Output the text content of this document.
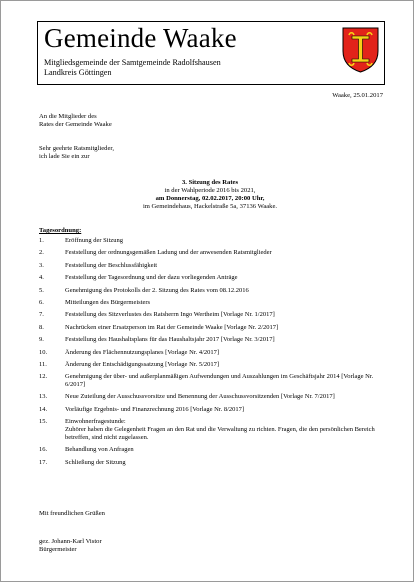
Gemeinde Waake
Mitgliedsgemeinde der Samtgemeinde Radolfshausen
Landkreis Göttingen
Waake, 25.01.2017
An die Mitglieder des
Rates der Gemeinde Waake
Sehr geehrte Ratsmitglieder,
ich lade Sie ein zur
3. Sitzung des Rates
in der Wahlperiode 2016 bis 2021,
am Donnerstag, 02.02.2017, 20:00 Uhr,
im Gemeindehaus, Hackelstraße 5a, 37136 Waake.
Tagesordnung:
1.	Eröffnung der Sitzung
2.	Feststellung der ordnungsgemäßen Ladung und der anwesenden Ratsmitglieder
3.	Feststellung der Beschlussfähigkeit
4.	Feststellung der Tagesordnung und der dazu vorliegenden Anträge
5.	Genehmigung des Protokolls der 2. Sitzung des Rates vom 08.12.2016
6.	Mitteilungen des Bürgermeisters
7.	Feststellung des Sitzverlustes des Ratsherrn Ingo Wertheim [Vorlage Nr. 1/2017]
8.	Nachrücken einer Ersatzperson im Rat der Gemeinde Waake [Vorlage Nr. 2/2017]
9.	Feststellung des Haushaltsplans für das Haushaltsjahr 2017 [Vorlage Nr. 3/2017]
10.	Änderung des Flächennutzungsplanes [Vorlage Nr. 4/2017]
11.	Änderung der Entschädigungssatzung [Vorlage Nr. 5/2017]
12.	Genehmigung der über- und außerplanmäßigen Aufwendungen und Auszahlungen im Geschäftsjahr 2014 [Vorlage Nr. 6/2017]
13.	Neue Zuteilung der Ausschussvorsitze und Benennung der Ausschussvorsitzenden [Vorlage Nr. 7/2017]
14.	Vorläufige Ergebnis- und Finanzrechnung 2016 [Vorlage Nr. 8/2017]
15.	Einwohnerfragestunde:
Zuhörer haben die Gelegenheit Fragen an den Rat und die Verwaltung zu richten. Fragen, die den persönlichen Bereich betreffen, sind nicht zugelassen.
16.	Behandlung von Anfragen
17.	Schließung der Sitzung
Mit freundlichen Grüßen
gez. Johann-Karl Vistor
Bürgermeister
